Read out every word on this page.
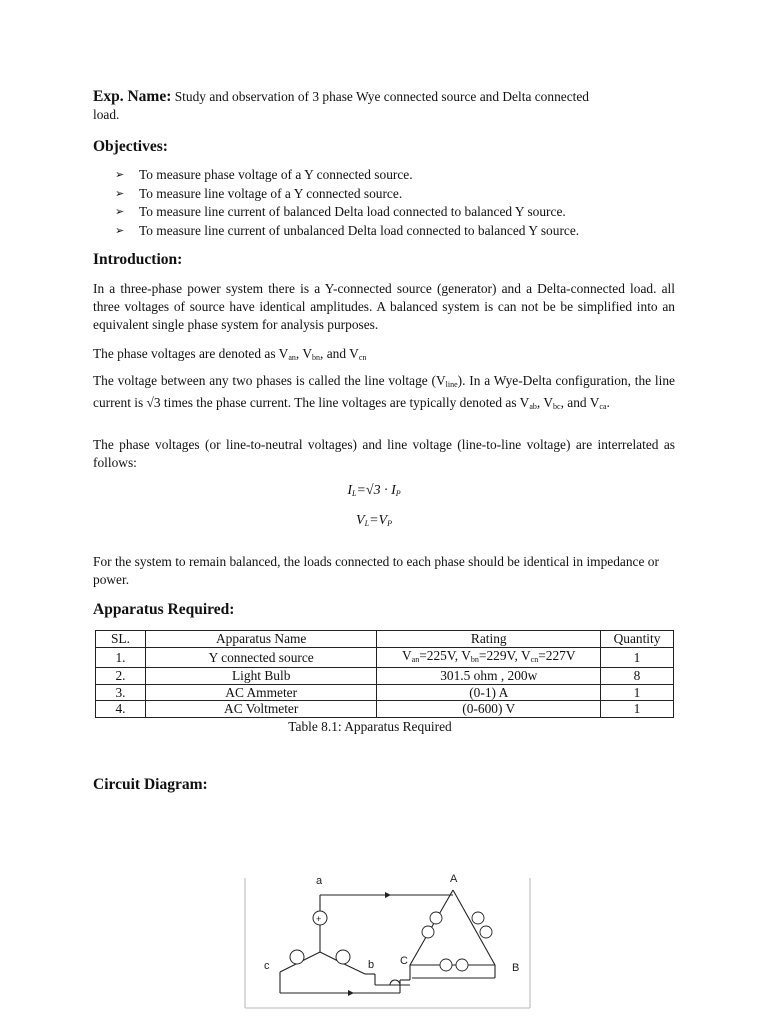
Exp. Name: Study and observation of 3 phase Wye connected source and Delta connected
load.
Objectives:
➢ To measure phase voltage of a Y connected source.
➢ To measure line voltage of a Y connected source.
➢ To measure line current of balanced Delta load connected to balanced Y source.
➢ To measure line current of unbalanced Delta load connected to balanced Y source.
Introduction:
In a three-phase power system there is a Y-connected source (generator) and a Delta-connected load. all three voltages of source have identical amplitudes. A balanced system is can not be be simplified into an equivalent single phase system for analysis purposes.
The phase voltages are denoted as $V_{an}$, $V_{bn}$, and $V_{cn}$
The voltage between any two phases is called the line voltage $(V_{line})$. In a Wye-Delta configuration, the line current is √3 times the phase current. The line voltages are typically denoted as $V_{ab}$, $V_{bc}$, and $V_{ca}$.
The phase voltages (or line-to-neutral voltages) and line voltage (line-to-line voltage) are interrelated as follows:
$I_L=√3 \cdot I_P$
$V_L=V_P$
For the system to remain balanced, the loads connected to each phase should be identical in impedance or power.
Apparatus Required:
SL.	Apparatus Name	Rating	Quantity
1.	Y connected source	$V_{an}=225V$, $V_{bn}=229V$, $V_{cn}=227V$	1
2.	Light Bulb	301.5 ohm , 200w	8
3.	AC Ammeter	(0-1) A	1
4.	AC Voltmeter	(0-600) V	1
Table 8.1: Apparatus Required
Circuit Diagram:
a
c	b
A
B
C
+
